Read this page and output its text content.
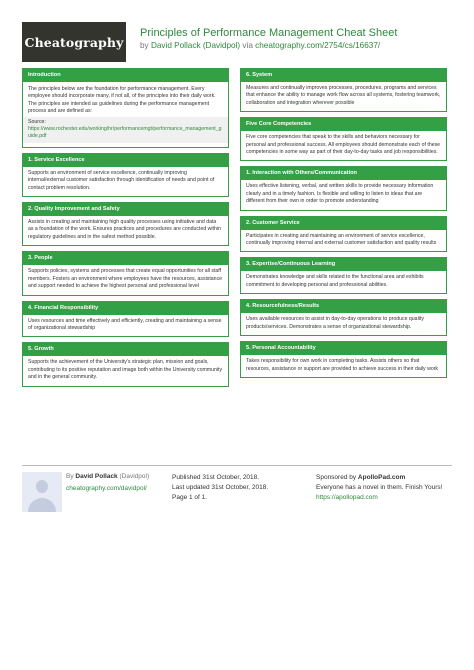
Cheatography
Principles of Performance Management Cheat Sheet
by David Pollack (Davidpol) via cheatography.com/2754/cs/16637/
Introduction
The principles below are the foundation for performance management. Every employee should incorporate many, if not all, of the principles into their daily work. The principles are intended as guidelines during the performance management process and are defined as:
Source:
https://www.rochester.edu/working/hr/performancemgt/performance_management_guide.pdf
1. Service Excellence
Supports an environment of service excellence, continually improving internal/external customer satisfaction through identification of needs and point of contact problem resolution.
2. Quality Improvement and Safety
Assists in creating and maintaining high quality processes using initiative and data as a foundation of the work. Ensures practices and procedures are conducted within regulatory guidelines and in the safest method possible.
3. People
Supports policies, systems and processes that create equal opportunities for all staff members. Fosters an environment where employees have the resources, assistance and support needed to achieve the highest personal and professional level
4. Financial Responsibility
Uses resources and time effectively and efficiently, creating and maintaining a sense of organizational stewardship
5. Growth
Supports the achievement of the University's strategic plan, mission and goals, contributing to its positive reputation and image both within the University community and in the general community.
6. System
Measures and continually improves processes, procedures, programs and services that enhance the ability to manage work flow across all systems, fostering teamwork, collaboration and integration wherever possible
Five Core Competencies
Five core competencies that speak to the skills and behaviors necessary for personal and professional success. All employees should demonstrate each of these competencies in some way as part of their day-to-day tasks and job responsibilities.
1. Interaction with Others/Communication
Uses effective listening, verbal, and written skills to provide necessary information clearly and in a timely fashion. Is flexible and willing to listen to ideas that are different from their own in order to promote understanding
2. Customer Service
Participates in creating and maintaining an environment of service excellence, continually improving internal and external customer satisfaction and quality results
3. Expertise/Continuous Learning
Demonstrates knowledge and skills related to the functional area and exhibits commitment to developing personal and professional abilities.
4. Resourcefulness/Results
Uses available resources to assist in day-to-day operations to produce quality products/services. Demonstrates a sense of organizational stewardship.
5. Personal Accountability
Takes responsibility for own work in completing tasks. Assists others so that resources, assistance or support are provided to achieve success in their daily work
By David Pollack (Davidpol)
cheatography.com/davidpol/
Published 31st October, 2018.
Last updated 31st October, 2018.
Page 1 of 1.
Sponsored by ApolloPad.com
Everyone has a novel in them. Finish Yours!
https://apollopad.com
